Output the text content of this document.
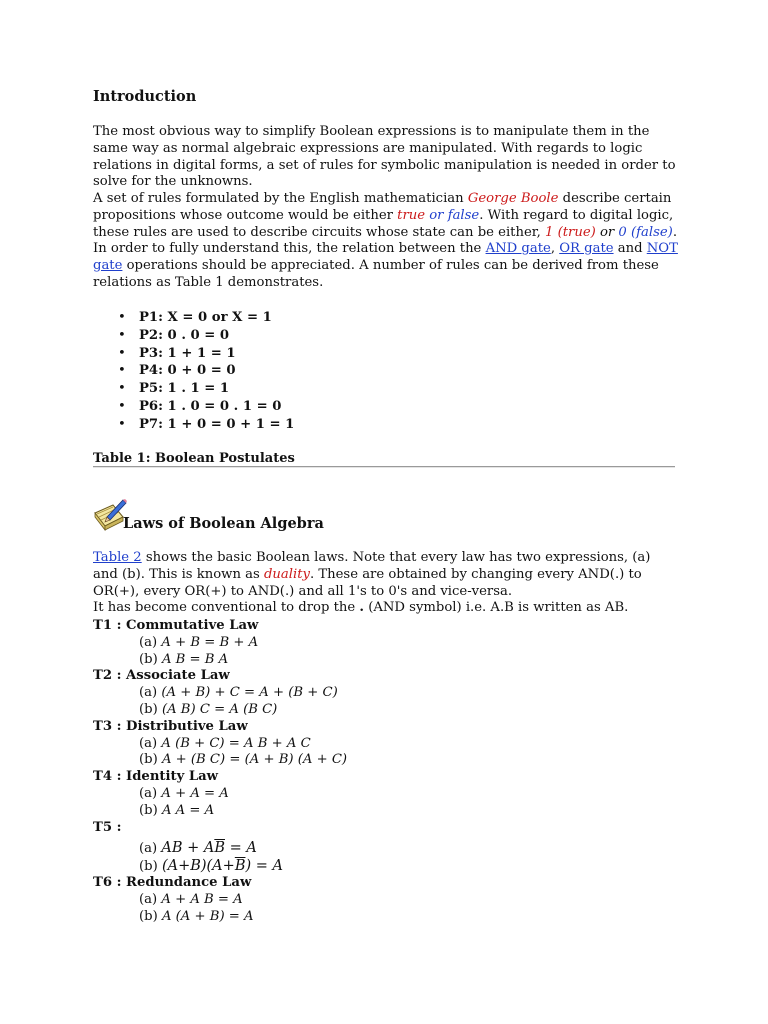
Introduction
The most obvious way to simplify Boolean expressions is to manipulate them in the same way as normal algebraic expressions are manipulated. With regards to logic relations in digital forms, a set of rules for symbolic manipulation is needed in order to solve for the unknowns.
A set of rules formulated by the English mathematician George Boole describe certain propositions whose outcome would be either true or false. With regard to digital logic, these rules are used to describe circuits whose state can be either, 1 (true) or 0 (false). In order to fully understand this, the relation between the AND gate, OR gate and NOT gate operations should be appreciated. A number of rules can be derived from these relations as Table 1 demonstrates.
• P1: X = 0 or X = 1
• P2: 0 . 0 = 0
• P3: 1 + 1 = 1
• P4: 0 + 0 = 0
• P5: 1 . 1 = 1
• P6: 1 . 0 = 0 . 1 = 0
• P7: 1 + 0 = 0 + 1 = 1
Table 1: Boolean Postulates
Laws of Boolean Algebra
Table 2 shows the basic Boolean laws. Note that every law has two expressions, (a) and (b). This is known as duality. These are obtained by changing every AND(.) to OR(+), every OR(+) to AND(.) and all 1's to 0's and vice-versa.
It has become conventional to drop the . (AND symbol) i.e. A.B is written as AB.
T1 : Commutative Law
(a) A + B = B + A
(b) A B = B A
T2 : Associate Law
(a) (A + B) + C = A + (B + C)
(b) (A B) C = A (B C)
T3 : Distributive Law
(a) A (B + C) = A B + A C
(b) A + (B C) = (A + B) (A + C)
T4 : Identity Law
(a) A + A = A
(b) A A = A
T5 :
(a) AB + $A\overline{B} = A$
(b) $(A+B)(A+\overline{B}) = A$
T6 : Redundance Law
(a) A + A B = A
(b) A (A + B) = A
